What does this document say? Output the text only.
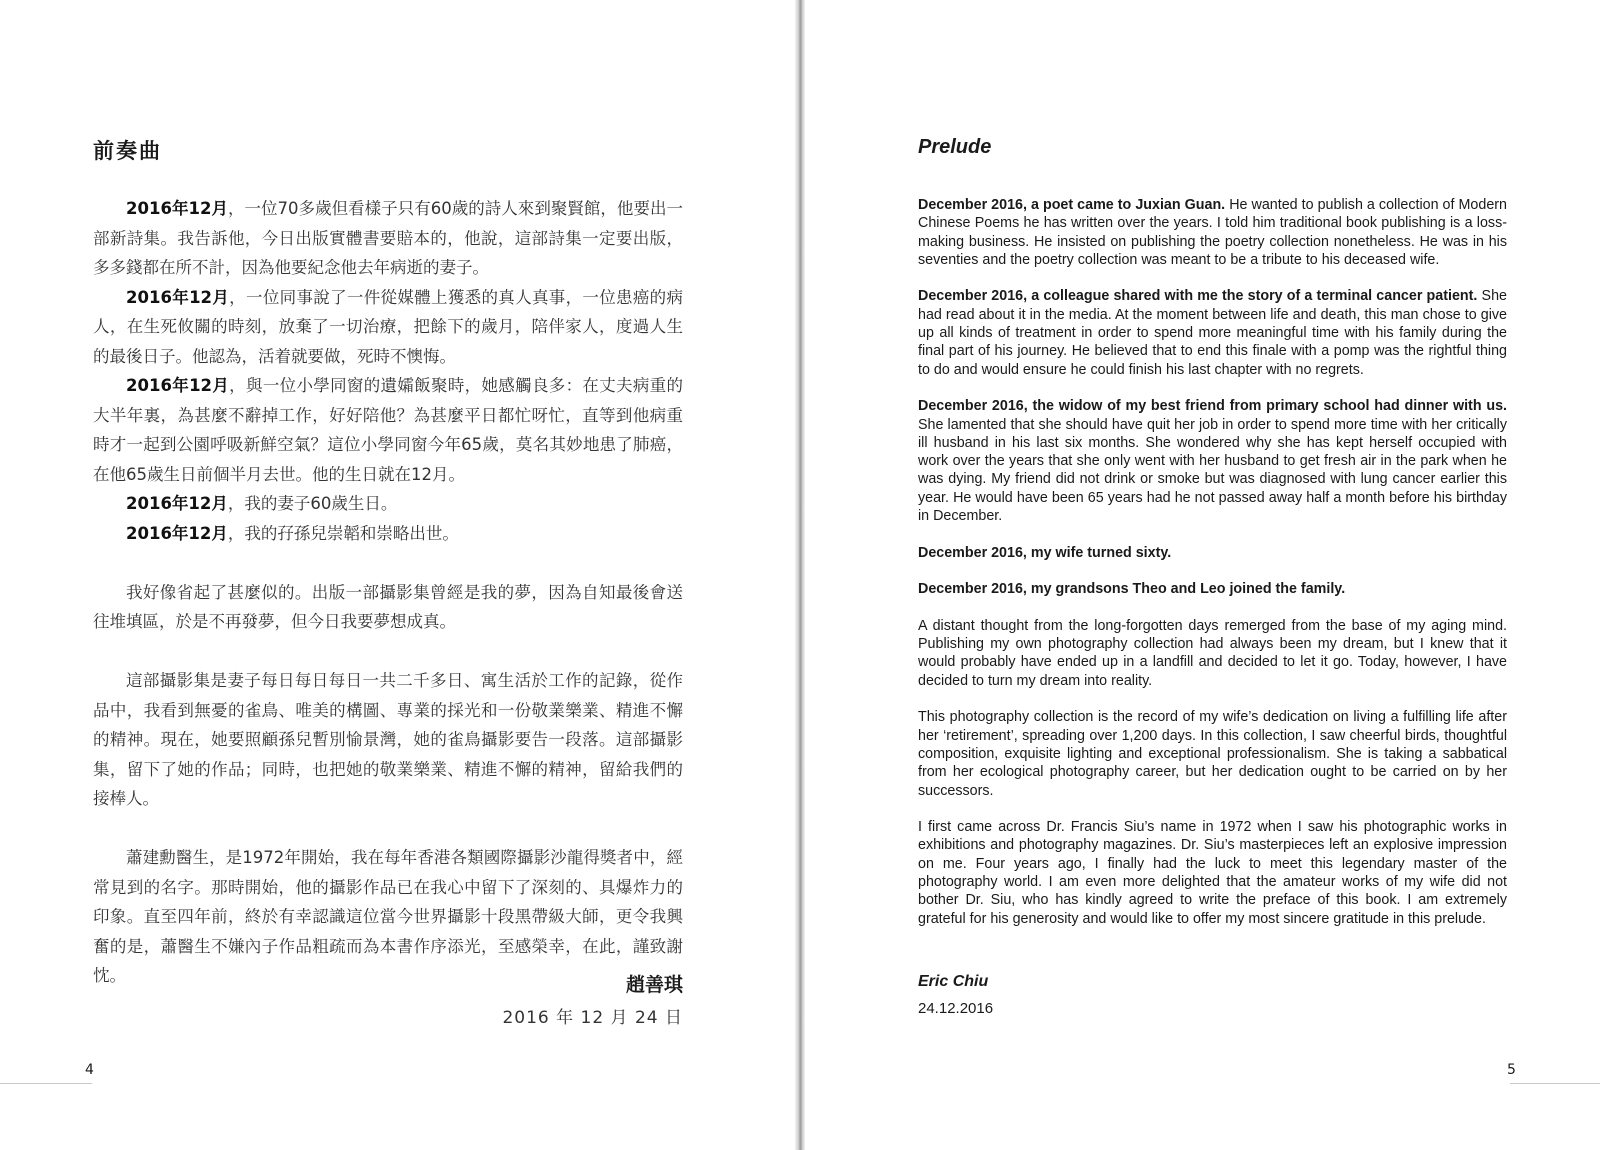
前奏曲

2016年12月，一位70多歲但看樣子只有60歲的詩人來到聚賢館，他要出一部新詩集。我告訴他，今日出版實體書要賠本的，他說，這部詩集一定要出版，多多錢都在所不計，因為他要紀念他去年病逝的妻子。

2016年12月，一位同事說了一件從媒體上獲悉的真人真事，一位患癌的病人，在生死攸關的時刻，放棄了一切治療，把餘下的歲月，陪伴家人，度過人生的最後日子。他認為，活着就要做，死時不懊悔。

2016年12月，與一位小學同窗的遺孀飯聚時，她感觸良多：在丈夫病重的大半年裏，為甚麼不辭掉工作，好好陪他？為甚麼平日都忙呀忙，直等到他病重時才一起到公園呼吸新鮮空氣？這位小學同窗今年65歲，莫名其妙地患了肺癌，在他65歲生日前個半月去世。他的生日就在12月。

2016年12月，我的妻子60歲生日。

2016年12月，我的孖孫兒崇韜和崇略出世。

我好像省起了甚麼似的。出版一部攝影集曾經是我的夢，因為自知最後會送往堆填區，於是不再發夢，但今日我要夢想成真。

這部攝影集是妻子每日每日每日一共二千多日、寓生活於工作的記錄，從作品中，我看到無憂的雀鳥、唯美的構圖、專業的採光和一份敬業樂業、精進不懈的精神。現在，她要照顧孫兒暫別愉景灣，她的雀鳥攝影要告一段落。這部攝影集，留下了她的作品；同時，也把她的敬業樂業、精進不懈的精神，留給我們的接棒人。

蕭建勳醫生，是1972年開始，我在每年香港各類國際攝影沙龍得獎者中，經常見到的名字。那時開始，他的攝影作品已在我心中留下了深刻的、具爆炸力的印象。直至四年前，終於有幸認識這位當今世界攝影十段黑帶級大師，更令我興奮的是，蕭醫生不嫌內子作品粗疏而為本書作序添光，至感榮幸，在此，謹致謝忱。	趙善琪
2016 年 12 月 24 日
4
Prelude

December 2016, a poet came to Juxian Guan. He wanted to publish a collection of Modern Chinese Poems he has written over the years. I told him traditional book publishing is a loss-making business. He insisted on publishing the poetry collection nonetheless. He was in his seventies and the poetry collection was meant to be a tribute to his deceased wife.

December 2016, a colleague shared with me the story of a terminal cancer patient. She had read about it in the media. At the moment between life and death, this man chose to give up all kinds of treatment in order to spend more meaningful time with his family during the final part of his journey. He believed that to end this finale with a pomp was the rightful thing to do and would ensure he could finish his last chapter with no regrets.

December 2016, the widow of my best friend from primary school had dinner with us. She lamented that she should have quit her job in order to spend more time with her critically ill husband in his last six months. She wondered why she has kept herself occupied with work over the years that she only went with her husband to get fresh air in the park when he was dying. My friend did not drink or smoke but was diagnosed with lung cancer earlier this year. He would have been 65 years had he not passed away half a month before his birthday in December.

December 2016, my wife turned sixty.

December 2016, my grandsons Theo and Leo joined the family.

A distant thought from the long-forgotten days remerged from the base of my aging mind. Publishing my own photography collection had always been my dream, but I knew that it would probably have ended up in a landfill and decided to let it go. Today, however, I have decided to turn my dream into reality.

This photography collection is the record of my wife’s dedication on living a fulfilling life after her ‘retirement’, spreading over 1,200 days. In this collection, I saw cheerful birds, thoughtful composition, exquisite lighting and exceptional professionalism. She is taking a sabbatical from her ecological photography career, but her dedication ought to be carried on by her successors.

I first came across Dr. Francis Siu’s name in 1972 when I saw his photographic works in exhibitions and photography magazines. Dr. Siu’s masterpieces left an explosive impression on me. Four years ago, I finally had the luck to meet this legendary master of the photography world. I am even more delighted that the amateur works of my wife did not bother Dr. Siu, who has kindly agreed to write the preface of this book. I am extremely grateful for his generosity and would like to offer my most sincere gratitude in this prelude.

Eric Chiu
24.12.2016
5
